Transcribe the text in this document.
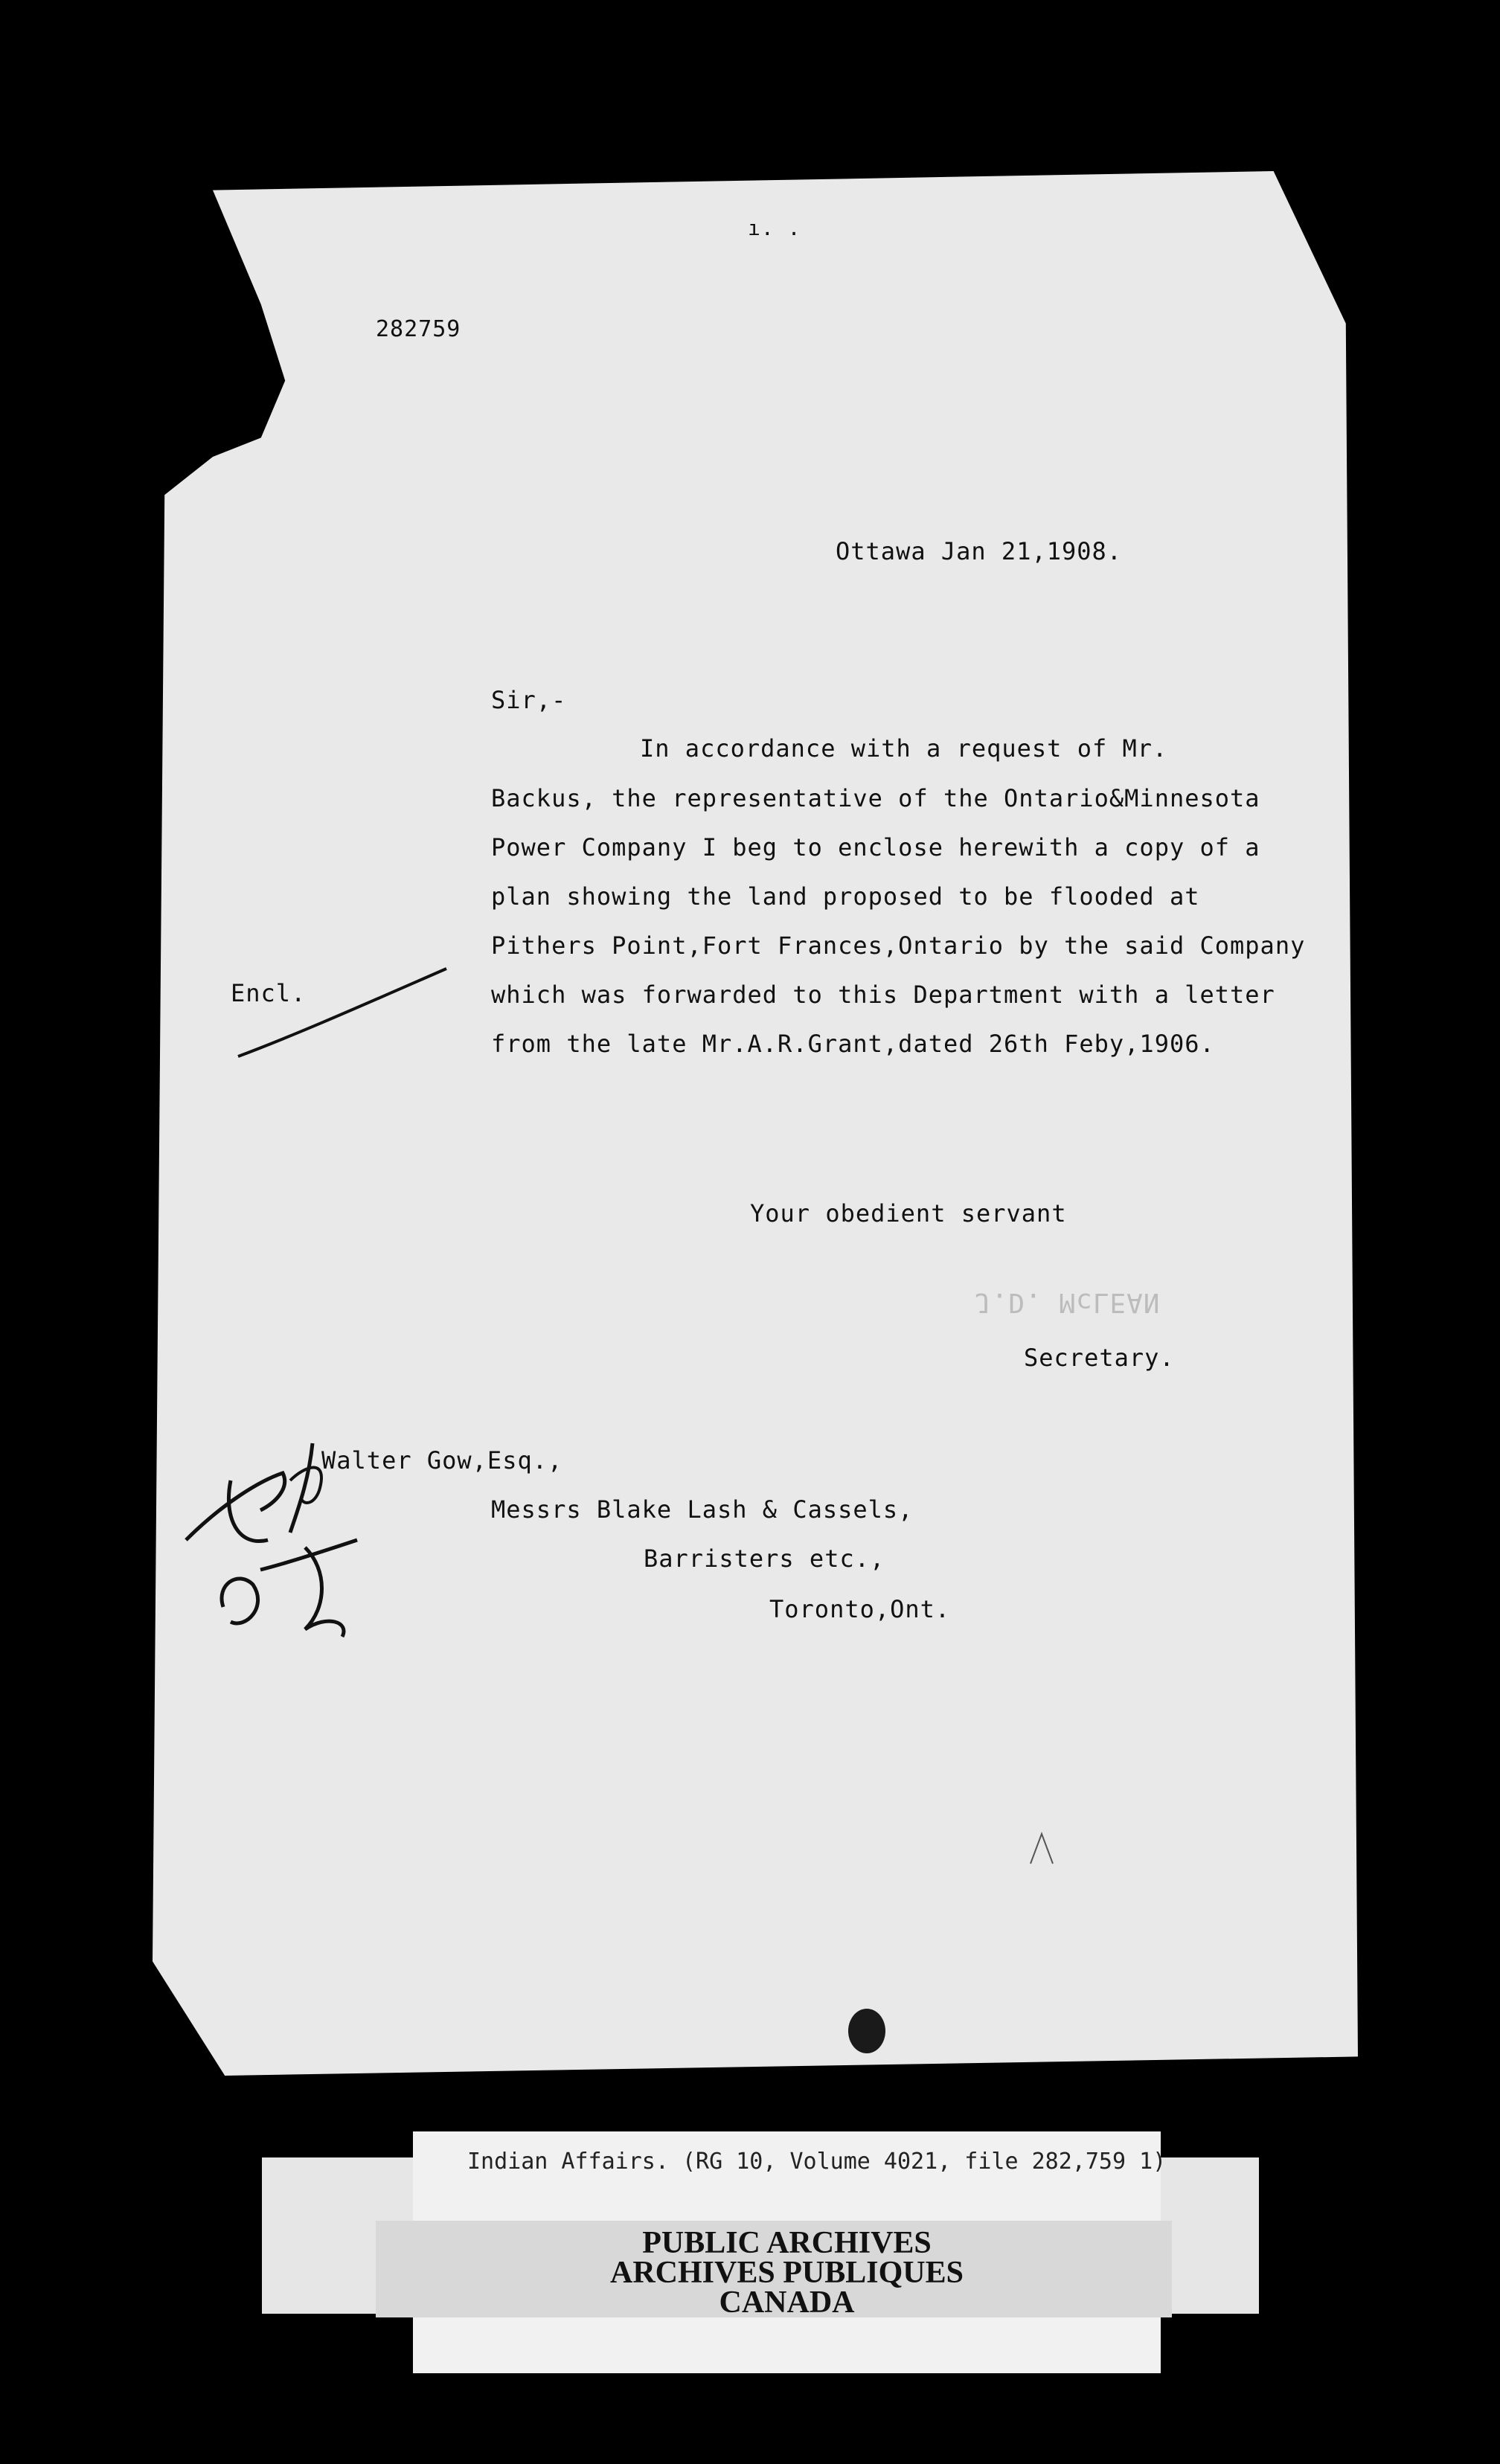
ı. .
282759
Ottawa Jan 21,1908.
Sir,-
In accordance with a request of Mr.
Backus, the representative of the Ontario&Minnesota
Power Company I beg to enclose herewith a copy of a
plan showing the land proposed to be flooded at
Pithers Point,Fort Frances,Ontario by the said Company
which was forwarded to this Department with a letter
from the late Mr.A.R.Grant,dated 26th Feby,1906.
Encl.
Your obedient servant
J.D. McLEAN
Secretary.
Walter Gow,Esq.,
Messrs Blake Lash & Cassels,
Barristers etc.,
Toronto,Ont.
Indian Affairs. (RG 10, Volume 4021, file 282,759 1)
PUBLIC ARCHIVES
ARCHIVES PUBLIQUES
CANADA
